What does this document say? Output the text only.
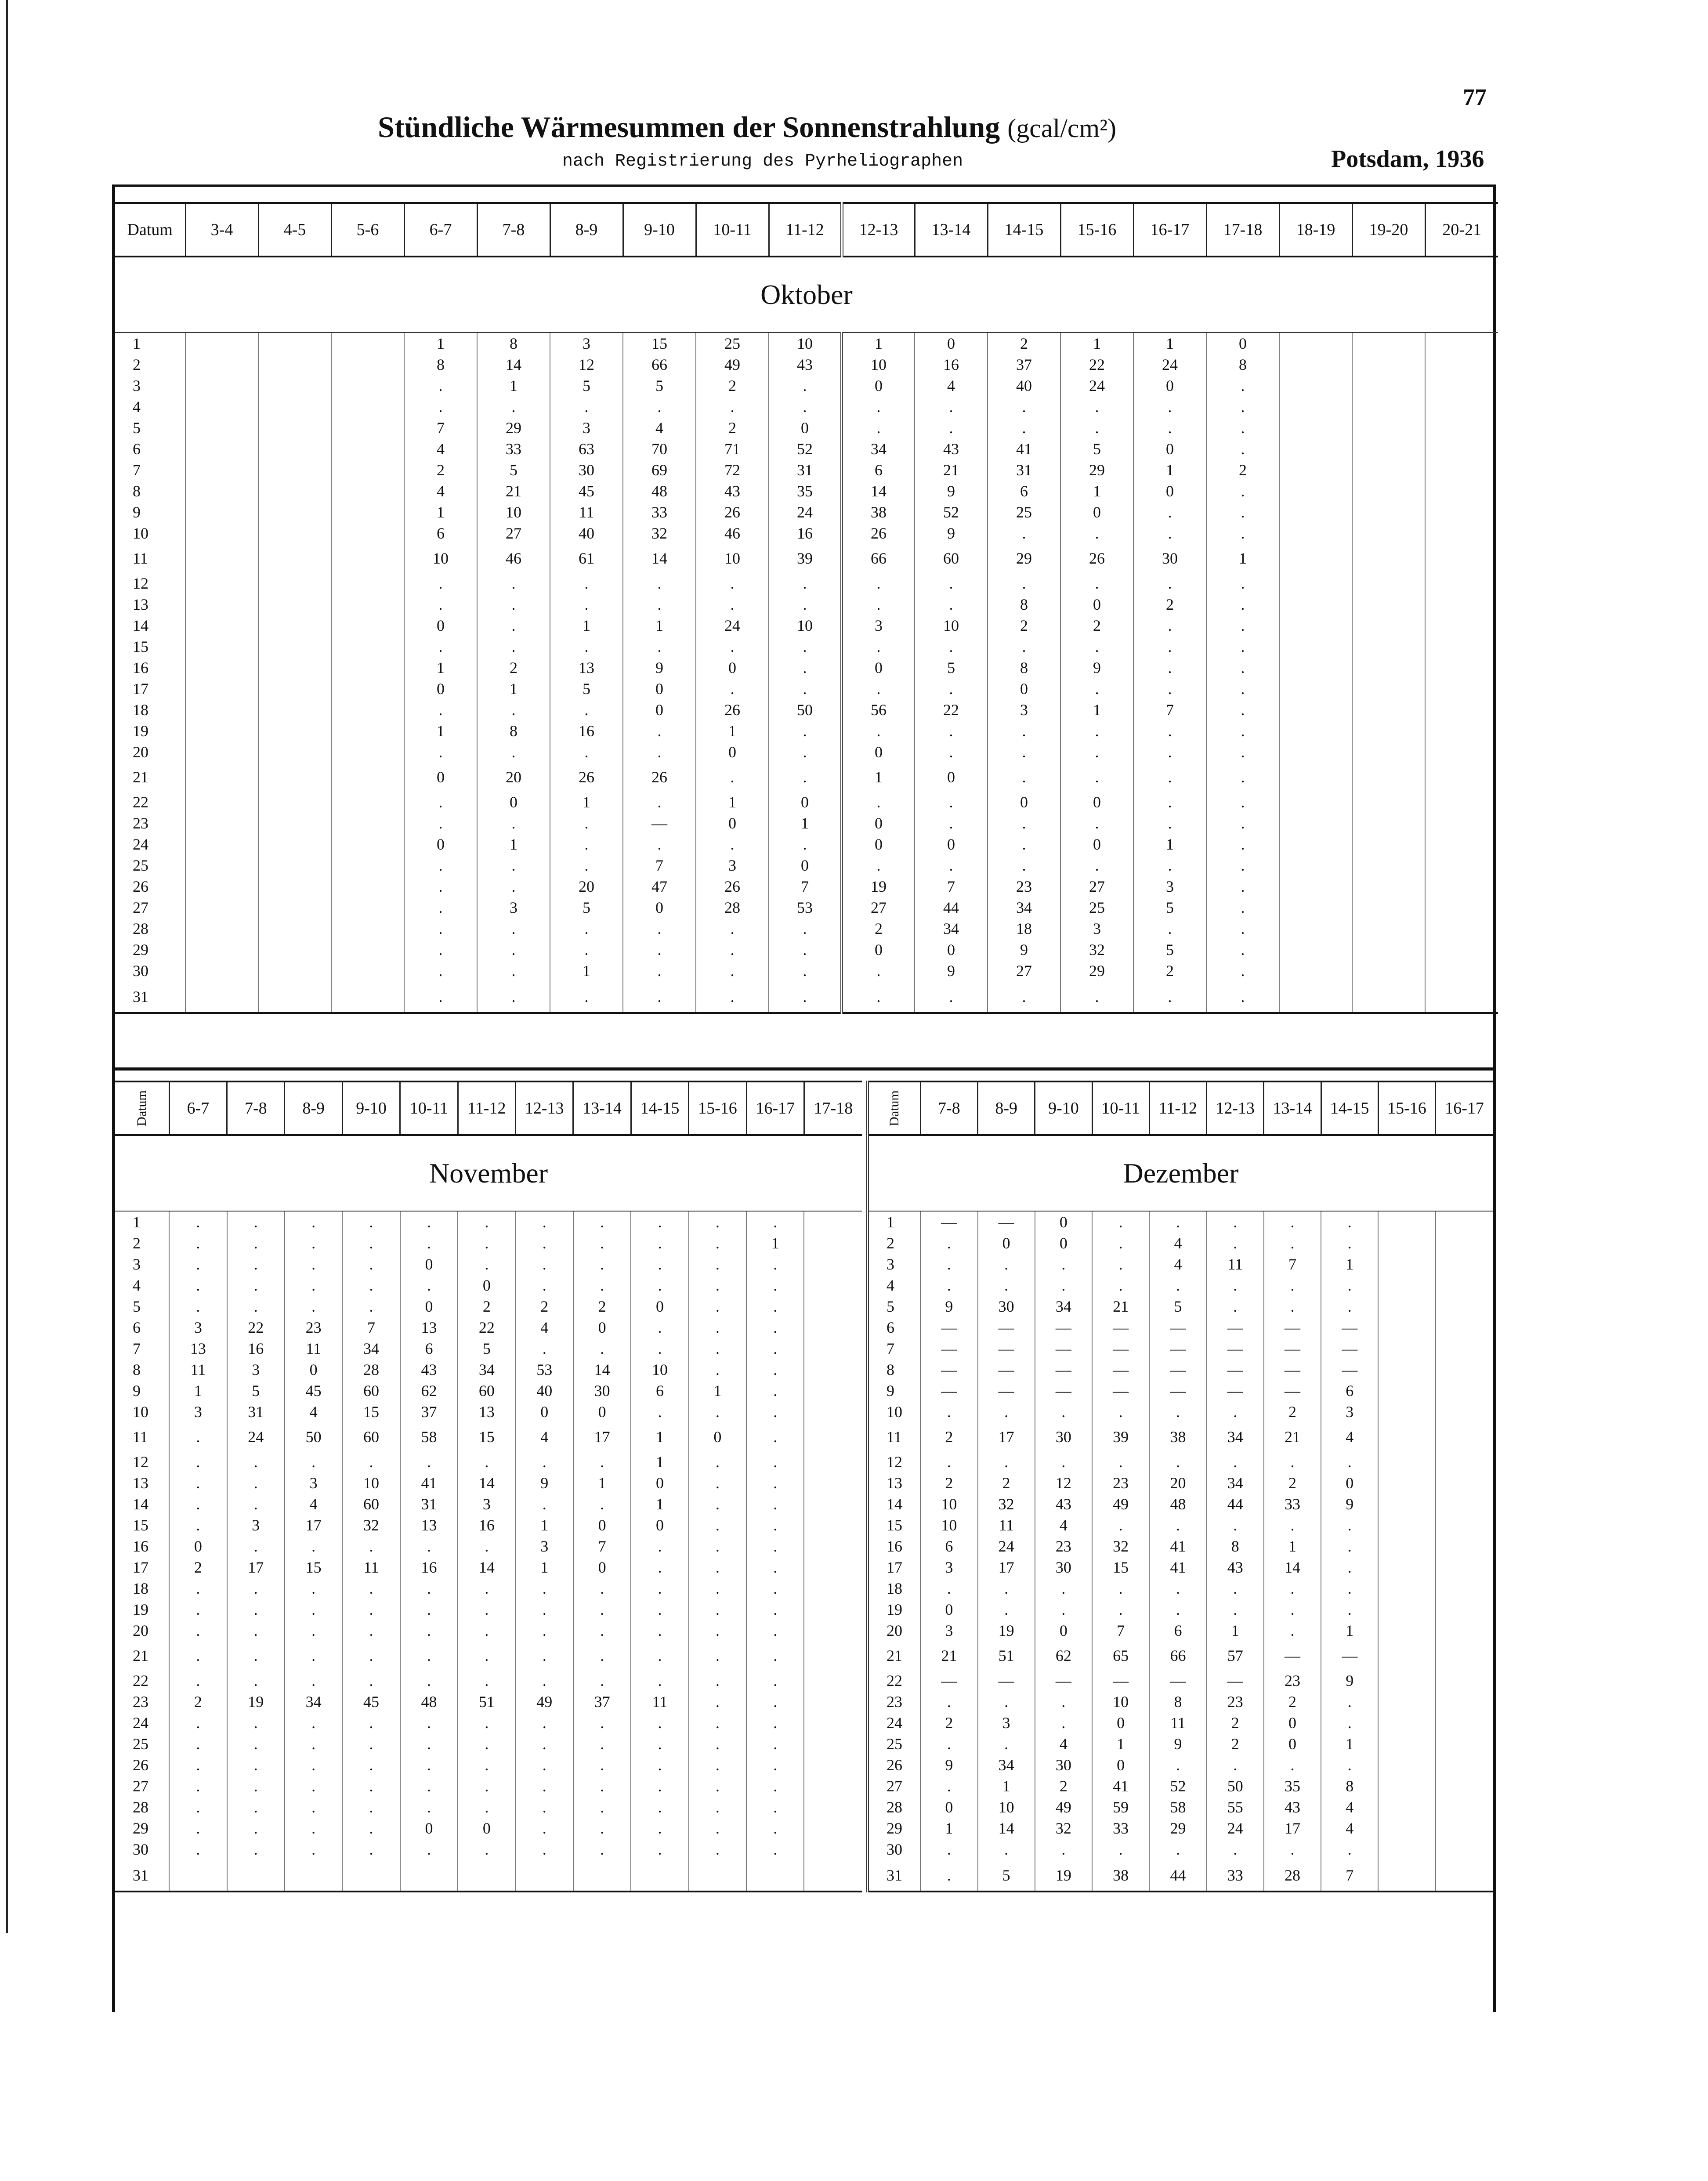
77
Stündliche Wärmesummen der Sonnenstrahlung (gcal/cm²)
nach Registrierung des Pyrheliographen	Potsdam, 1936
Datum	3-4	4-5	5-6	6-7	7-8	8-9	9-10	10-11	11-12	12-13	13-14	14-15	15-16	16-17	17-18	18-19	19-20	20-21
Oktober																		
1				1	8	3	15	25	10	1	0	2	1	1	0			
2				8	14	12	66	49	43	10	16	37	22	24	8			
3				.	1	5	5	2	.	0	4	40	24	0	.			
4				.	.	.	.	.	.	.	.	.	.	.	.			
5				7	29	3	4	2	0	.	.	.	.	.	.			
6				4	33	63	70	71	52	34	43	41	5	0	.			
7				2	5	30	69	72	31	6	21	31	29	1	2			
8				4	21	45	48	43	35	14	9	6	1	0	.			
9				1	10	11	33	26	24	38	52	25	0	.	.			
10				6	27	40	32	46	16	26	9	.	.	.	.			
11				10	46	61	14	10	39	66	60	29	26	30	1			
12				.	.	.	.	.	.	.	.	.	.	.	.			
13				.	.	.	.	.	.	.	.	8	0	2	.			
14				0	.	1	1	24	10	3	10	2	2	.	.			
15				.	.	.	.	.	.	.	.	.	.	.	.			
16				1	2	13	9	0	.	0	5	8	9	.	.			
17				0	1	5	0	.	.	.	.	0	.	.	.			
18				.	.	.	0	26	50	56	22	3	1	7	.			
19				1	8	16	.	1	.	.	.	.	.	.	.			
20				.	.	.	.	0	.	0	.	.	.	.	.			
21				0	20	26	26	.	.	1	0	.	.	.	.			
22				.	0	1	.	1	0	.	.	0	0	.	.			
23				.	.	.	—	0	1	0	.	.	.	.	.			
24				0	1	.	.	.	.	0	0	.	0	1	.			
25				.	.	.	7	3	0	.	.	.	.	.	.			
26				.	.	20	47	26	7	19	7	23	27	3	.			
27				.	3	5	0	28	53	27	44	34	25	5	.			
28				.	.	.	.	.	.	2	34	18	3	.	.			
29				.	.	.	.	.	.	0	0	9	32	5	.			
30				.	.	1	.	.	.	.	9	27	29	2	.			
31				.	.	.	.	.	.	.	.	.	.	.	.			
Datum	6-7	7-8	8-9	9-10	10-11	11-12	12-13	13-14	14-15	15-16	16-17	17-18
November												
1	.	.	.	.	.	.	.	.	.	.	.	
2	.	.	.	.	.	.	.	.	.	.	1	
3	.	.	.	.	0	.	.	.	.	.	.	
4	.	.	.	.	.	0	.	.	.	.	.	
5	.	.	.	.	0	2	2	2	0	.	.	
6	3	22	23	7	13	22	4	0	.	.	.	
7	13	16	11	34	6	5	.	.	.	.	.	
8	11	3	0	28	43	34	53	14	10	.	.	
9	1	5	45	60	62	60	40	30	6	1	.	
10	3	31	4	15	37	13	0	0	.	.	.	
11	.	24	50	60	58	15	4	17	1	0	.	
12	.	.	.	.	.	.	.	.	1	.	.	
13	.	.	3	10	41	14	9	1	0	.	.	
14	.	.	4	60	31	3	.	.	1	.	.	
15	.	3	17	32	13	16	1	0	0	.	.	
16	0	.	.	.	.	.	3	7	.	.	.	
17	2	17	15	11	16	14	1	0	.	.	.	
18	.	.	.	.	.	.	.	.	.	.	.	
19	.	.	.	.	.	.	.	.	.	.	.	
20	.	.	.	.	.	.	.	.	.	.	.	
21	.	.	.	.	.	.	.	.	.	.	.	
22	.	.	.	.	.	.	.	.	.	.	.	
23	2	19	34	45	48	51	49	37	11	.	.	
24	.	.	.	.	.	.	.	.	.	.	.	
25	.	.	.	.	.	.	.	.	.	.	.	
26	.	.	.	.	.	.	.	.	.	.	.	
27	.	.	.	.	.	.	.	.	.	.	.	
28	.	.	.	.	.	.	.	.	.	.	.	
29	.	.	.	.	0	0	.	.	.	.	.	
30	.	.	.	.	.	.	.	.	.	.	.	
31												
Datum	7-8	8-9	9-10	10-11	11-12	12-13	13-14	14-15	15-16	16-17
Dezember										
1	—	—	0	.	.	.	.	.		
2	.	0	0	.	4	.	.	.		
3	.	.	.	.	4	11	7	1		
4	.	.	.	.	.	.	.	.		
5	9	30	34	21	5	.	.	.		
6	—	—	—	—	—	—	—	—		
7	—	—	—	—	—	—	—	—		
8	—	—	—	—	—	—	—	—		
9	—	—	—	—	—	—	—	6		
10	.	.	.	.	.	.	2	3		
11	2	17	30	39	38	34	21	4		
12	.	.	.	.	.	.	.	.		
13	2	2	12	23	20	34	2	0		
14	10	32	43	49	48	44	33	9		
15	10	11	4	.	.	.	.	.		
16	6	24	23	32	41	8	1	.		
17	3	17	30	15	41	43	14	.		
18	.	.	.	.	.	.	.	.		
19	0	.	.	.	.	.	.	.		
20	3	19	0	7	6	1	.	1		
21	21	51	62	65	66	57	—	—		
22	—	—	—	—	—	—	23	9		
23	.	.	.	10	8	23	2	.		
24	2	3	.	0	11	2	0	.		
25	.	.	4	1	9	2	0	1		
26	9	34	30	0	.	.	.	.		
27	.	1	2	41	52	50	35	8		
28	0	10	49	59	58	55	43	4		
29	1	14	32	33	29	24	17	4		
30	.	.	.	.	.	.	.	.		
31	.	5	19	38	44	33	28	7		
